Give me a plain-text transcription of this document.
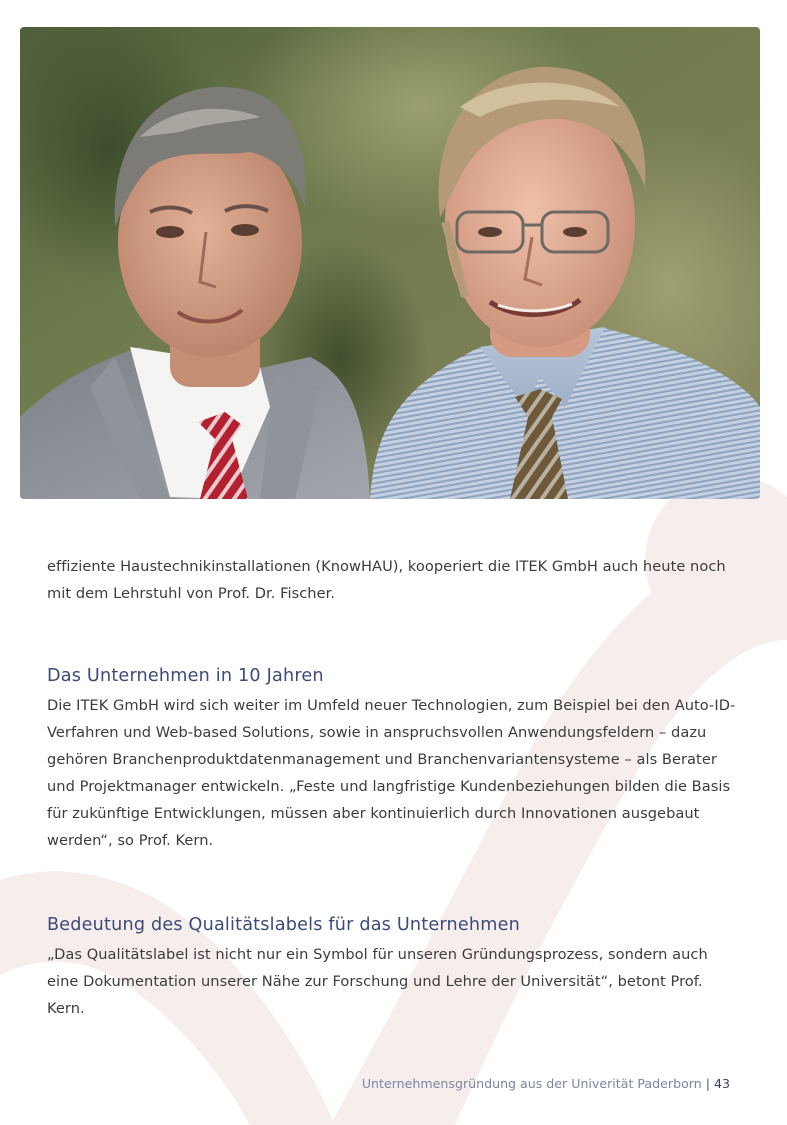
effiziente Haustechnikinstallationen (KnowHAU), kooperiert die ITEK GmbH auch heute noch
mit dem Lehrstuhl von Prof. Dr. Fischer.

Das Unternehmen in 10 Jahren

Die ITEK GmbH wird sich weiter im Umfeld neuer Technologien, zum Beispiel bei den Auto-ID-
Verfahren und Web-based Solutions, sowie in anspruchsvollen Anwendungsfeldern – dazu
gehören Branchenproduktdatenmanagement und Branchenvariantensysteme – als Berater
und Projektmanager entwickeln. „Feste und langfristige Kundenbeziehungen bilden die Basis
für zukünftige Entwicklungen, müssen aber kontinuierlich durch Innovationen ausgebaut
werden“, so Prof. Kern.

Bedeutung des Qualitätslabels für das Unternehmen

„Das Qualitätslabel ist nicht nur ein Symbol für unseren Gründungsprozess, sondern auch
eine Dokumentation unserer Nähe zur Forschung und Lehre der Universität“, betont Prof. Kern.

Unternehmensgründung aus der Univerität Paderborn | 43
